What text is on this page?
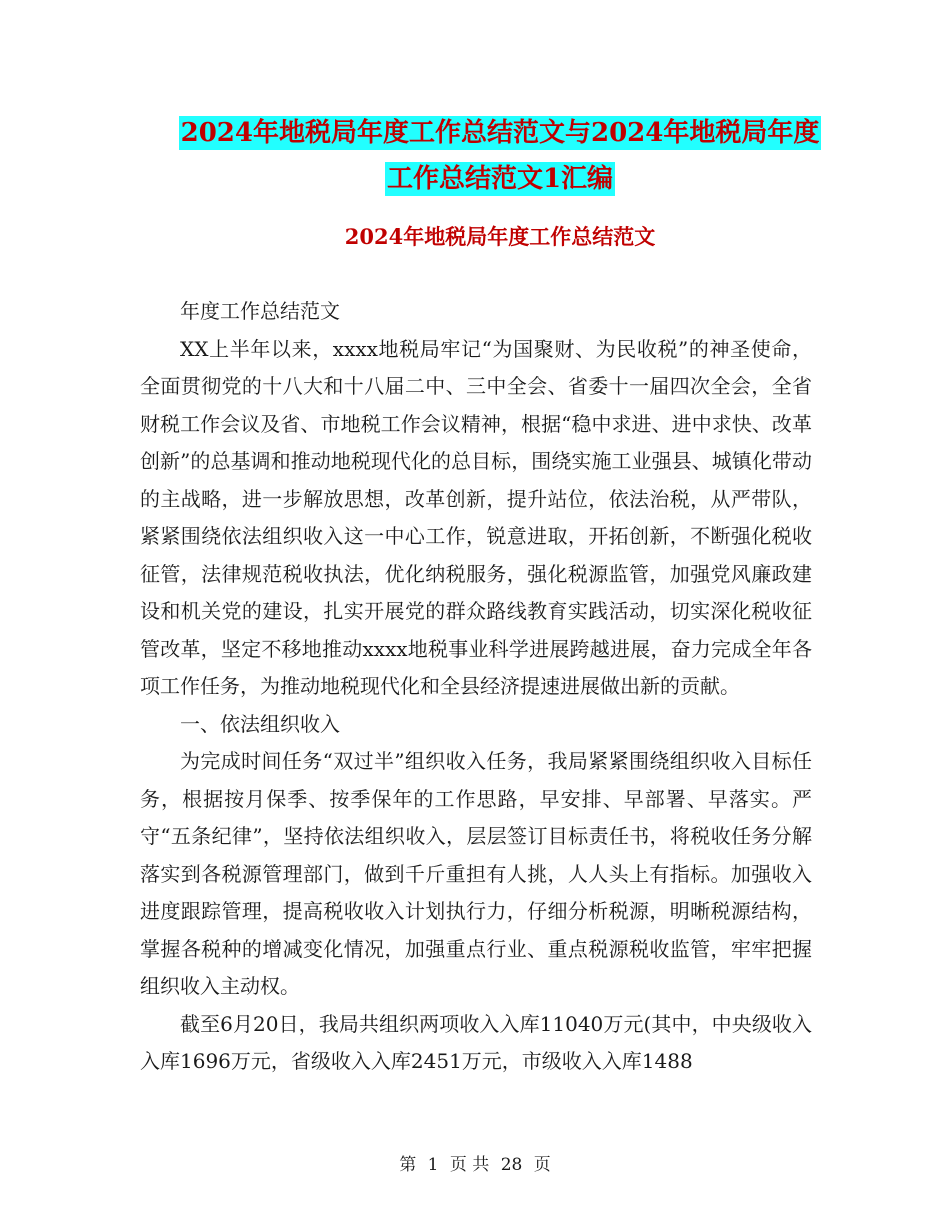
2024年地税局年度工作总结范文与2024年地税局年度
工作总结范文1汇编
2024年地税局年度工作总结范文

年度工作总结范文

XX上半年以来，xxxx地税局牢记“为国聚财、为民收税”的神圣使命，全面贯彻党的十八大和十八届二中、三中全会、省委十一届四次全会，全省财税工作会议及省、市地税工作会议精神，根据“稳中求进、进中求快、改革创新”的总基调和推动地税现代化的总目标，围绕实施工业强县、城镇化带动的主战略，进一步解放思想，改革创新，提升站位，依法治税，从严带队，紧紧围绕依法组织收入这一中心工作，锐意进取，开拓创新，不断强化税收征管，法律规范税收执法，优化纳税服务，强化税源监管，加强党风廉政建设和机关党的建设，扎实开展党的群众路线教育实践活动，切实深化税收征管改革，坚定不移地推动xxxx地税事业科学进展跨越进展，奋力完成全年各项工作任务，为推动地税现代化和全县经济提速进展做出新的贡献。

一、依法组织收入

为完成时间任务“双过半”组织收入任务，我局紧紧围绕组织收入目标任务，根据按月保季、按季保年的工作思路，早安排、早部署、早落实。严守“五条纪律”，坚持依法组织收入，层层签订目标责任书，将税收任务分解落实到各税源管理部门，做到千斤重担有人挑，人人头上有指标。加强收入进度跟踪管理，提高税收收入计划执行力，仔细分析税源，明晰税源结构，掌握各税种的增减变化情况，加强重点行业、重点税源税收监管，牢牢把握组织收入主动权。

截至6月20日，我局共组织两项收入入库11040万元(其中，中央级收入入库1696万元，省级收入入库2451万元，市级收入入库1488

第 1 页 共 28 页
